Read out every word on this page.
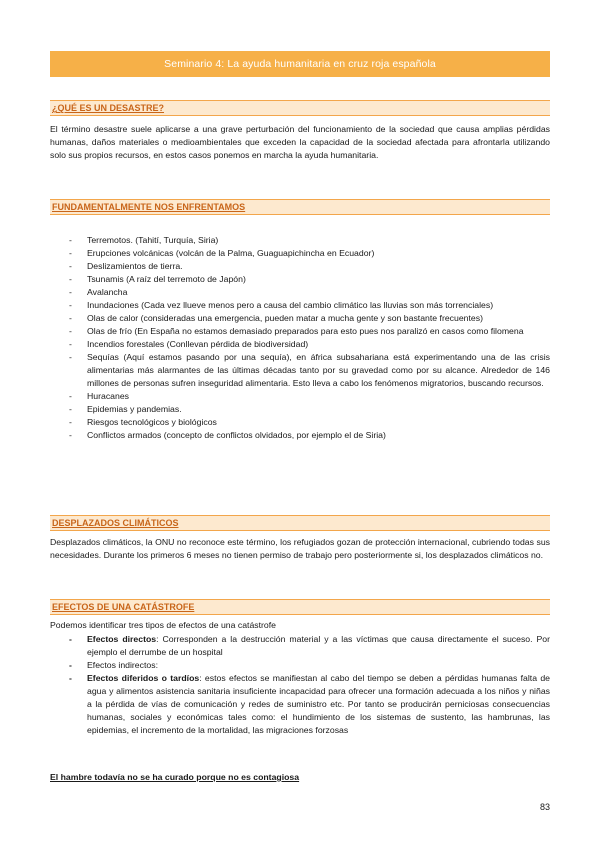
Seminario 4: La ayuda humanitaria en cruz roja española
¿QUÉ ES UN DESASTRE?

El término desastre suele aplicarse a una grave perturbación del funcionamiento de la sociedad que causa amplias pérdidas humanas, daños materiales o medioambientales que exceden la capacidad de la sociedad afectada para afrontarla utilizando solo sus propios recursos, en estos casos ponemos en marcha la ayuda humanitaria.

FUNDAMENTALMENTE NOS ENFRENTAMOS
- Terremotos. (Tahití, Turquía, Siria)
- Erupciones volcánicas (volcán de la Palma, Guaguapichincha en Ecuador)
- Deslizamientos de tierra.
- Tsunamis (A raíz del terremoto de Japón)
- Avalancha
- Inundaciones (Cada vez llueve menos pero a causa del cambio climático las lluvias son más torrenciales)
- Olas de calor (consideradas una emergencia, pueden matar a mucha gente y son bastante frecuentes)
- Olas de frío (En España no estamos demasiado preparados para esto pues nos paralizó en casos como filomena
- Incendios forestales (Conllevan pérdida de biodiversidad)
- Sequías (Aquí estamos pasando por una sequía), en áfrica subsahariana está experimentando una de las crisis alimentarias más alarmantes de las últimas décadas tanto por su gravedad como por su alcance. Alrededor de 146 millones de personas sufren inseguridad alimentaria. Esto lleva a cabo los fenómenos migratorios, buscando recursos.
- Huracanes
- Epidemias y pandemias.
- Riesgos tecnológicos y biológicos
- Conflictos armados (concepto de conflictos olvidados, por ejemplo el de Siria)
DESPLAZADOS CLIMÁTICOS

Desplazados climáticos, la ONU no reconoce este término, los refugiados gozan de protección internacional, cubriendo todas sus necesidades. Durante los primeros 6 meses no tienen permiso de trabajo pero posteriormente si, los desplazados climáticos no.

EFECTOS DE UNA CATÁSTROFE

Podemos identificar tres tipos de efectos de una catástrofe

- Efectos directos: Corresponden a la destrucción material y a las víctimas que causa directamente el suceso. Por ejemplo el derrumbe de un hospital
- Efectos indirectos:
- Efectos diferidos o tardíos: estos efectos se manifiestan al cabo del tiempo se deben a pérdidas humanas falta de agua y alimentos asistencia sanitaria insuficiente incapacidad para ofrecer una formación adecuada a los niños y niñas a la pérdida de vías de comunicación y redes de suministro etc. Por tanto se producirán perniciosas consecuencias humanas, sociales y económicas tales como: el hundimiento de los sistemas de sustento, las hambrunas, las epidemias, el incremento de la mortalidad, las migraciones forzosas
El hambre todavía no se ha curado porque no es contagiosa
83
